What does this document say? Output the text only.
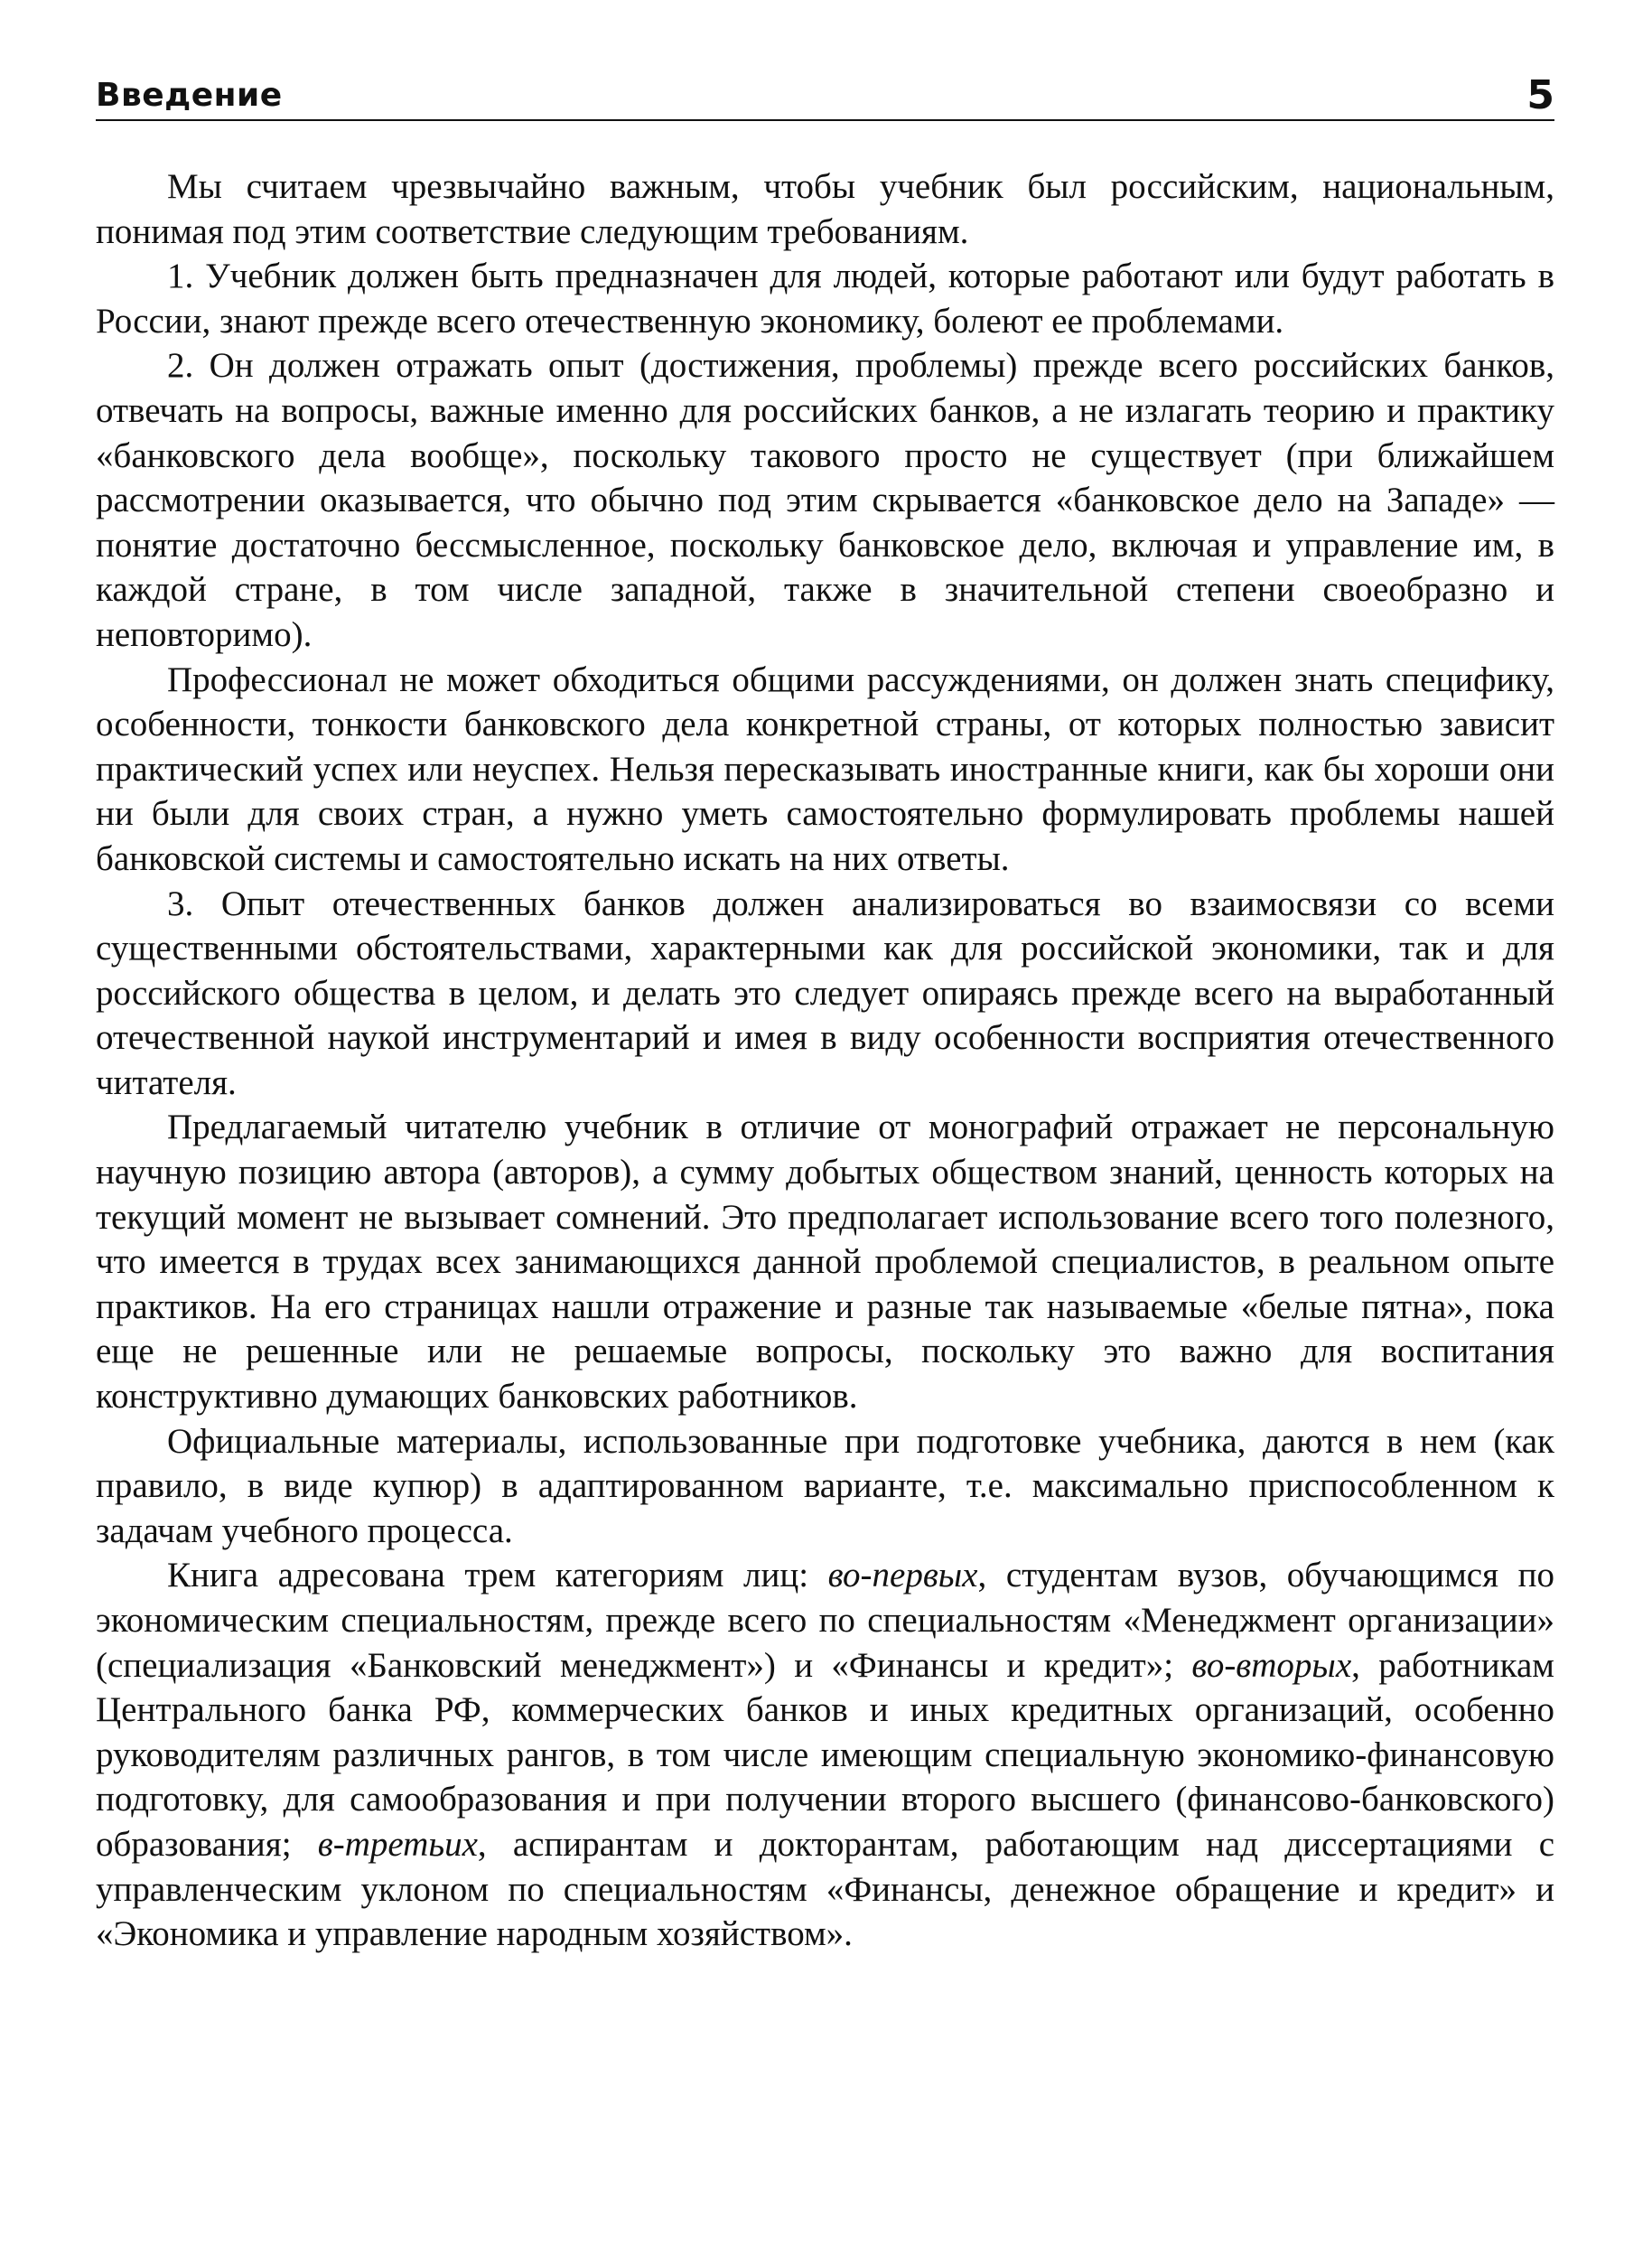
Введение	5

Мы считаем чрезвычайно важным, чтобы учебник был российским, национальным, понимая под этим соответствие следующим требованиям.

1. Учебник должен быть предназначен для людей, которые работают или будут работать в России, знают прежде всего отечественную экономику, болеют ее проблемами.

2. Он должен отражать опыт (достижения, проблемы) прежде всего российских банков, отвечать на вопросы, важные именно для российских банков, а не излагать теорию и практику «банковского дела вообще», поскольку такового просто не существует (при ближайшем рассмотрении оказывается, что обычно под этим скрывается «банковское дело на Западе» — понятие достаточно бессмысленное, поскольку банковское дело, включая и управление им, в каждой стране, в том числе западной, также в значительной степени своеобразно и неповторимо).

Профессионал не может обходиться общими рассуждениями, он должен знать специфику, особенности, тонкости банковского дела конкретной страны, от которых полностью зависит практический успех или неуспех. Нельзя пересказывать иностранные книги, как бы хороши они ни были для своих стран, а нужно уметь самостоятельно формулировать проблемы нашей банковской системы и самостоятельно искать на них ответы.

3. Опыт отечественных банков должен анализироваться во взаимосвязи со всеми существенными обстоятельствами, характерными как для российской экономики, так и для российского общества в целом, и делать это следует опираясь прежде всего на выработанный отечественной наукой инструментарий и имея в виду особенности восприятия отечественного читателя.

Предлагаемый читателю учебник в отличие от монографий отражает не персональную научную позицию автора (авторов), а сумму добытых обществом знаний, ценность которых на текущий момент не вызывает сомнений. Это предполагает использование всего того полезного, что имеется в трудах всех занимающихся данной проблемой специалистов, в реальном опыте практиков. На его страницах нашли отражение и разные так называемые «белые пятна», пока еще не решенные или не решаемые вопросы, поскольку это важно для воспитания конструктивно думающих банковских работников.

Официальные материалы, использованные при подготовке учебника, даются в нем (как правило, в виде купюр) в адаптированном варианте, т.е. максимально приспособленном к задачам учебного процесса.

Книга адресована трем категориям лиц: во-первых, студентам вузов, обучающимся по экономическим специальностям, прежде всего по специальностям «Менеджмент организации» (специализация «Банковский менеджмент») и «Финансы и кредит»; во-вторых, работникам Центрального банка РФ, коммерческих банков и иных кредитных организаций, особенно руководителям различных рангов, в том числе имеющим специальную экономико-финансовую подготовку, для самообразования и при получении второго высшего (финансово-банковского) образования; в-третьих, аспирантам и докторантам, работающим над диссертациями с управленческим уклоном по специальностям «Финансы, денежное обращение и кредит» и «Экономика и управление народным хозяйством».
